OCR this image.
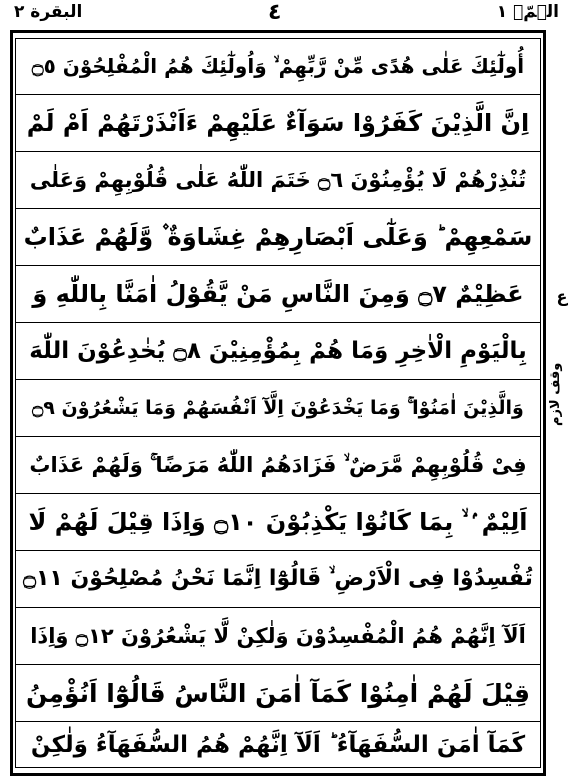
البقرة ٢	٤	الۤمّۤ ١
أُولٰٓئِكَ عَلٰى هُدًى مِّنْ رَّبِّهِمْ ۙ وَاُولٰٓئِكَ هُمُ الْمُفْلِحُوْنَ ۝٥
اِنَّ الَّذِيْنَ كَفَرُوْا سَوَآءٌ عَلَيْهِمْ ءَاَنْذَرْتَهُمْ اَمْ لَمْ
تُنْذِرْهُمْ لَا يُؤْمِنُوْنَ ۝٦ خَتَمَ اللّٰهُ عَلٰى قُلُوْبِهِمْ وَعَلٰى
سَمْعِهِمْ ؕ وَعَلٰٓى اَبْصَارِهِمْ غِشَاوَةٌ ۫ وَّلَهُمْ عَذَابٌ
عَظِيْمٌ ۝٧ وَمِنَ النَّاسِ مَنْ يَّقُوْلُ اٰمَنَّا بِاللّٰهِ وَ
بِالْيَوْمِ الْاٰخِرِ وَمَا هُمْ بِمُؤْمِنِيْنَ ۝٨ يُخٰدِعُوْنَ اللّٰهَ
وَالَّذِيْنَ اٰمَنُوْا ۚ وَمَا يَخْدَعُوْنَ اِلَّآ اَنْفُسَهُمْ وَمَا يَشْعُرُوْنَ ۝٩
فِىْ قُلُوْبِهِمْ مَّرَضٌ ۙ فَزَادَهُمُ اللّٰهُ مَرَضًا ۚ وَلَهُمْ عَذَابٌ
اَلِيْمٌ ۢ ۙ بِمَا كَانُوْا يَكْذِبُوْنَ ۝١٠ وَاِذَا قِيْلَ لَهُمْ لَا
تُفْسِدُوْا فِى الْاَرْضِ ۙ قَالُوْٓا اِنَّمَا نَحْنُ مُصْلِحُوْنَ ۝١١
اَلَآ اِنَّهُمْ هُمُ الْمُفْسِدُوْنَ وَلٰكِنْ لَّا يَشْعُرُوْنَ ۝١٢ وَاِذَا
قِيْلَ لَهُمْ اٰمِنُوْا كَمَآ اٰمَنَ النَّاسُ قَالُوْٓا اَنُؤْمِنُ
كَمَآ اٰمَنَ السُّفَهَآءُ ؕ اَلَآ اِنَّهُمْ هُمُ السُّفَهَآءُ وَلٰكِنْ
ع
وقف لازم
